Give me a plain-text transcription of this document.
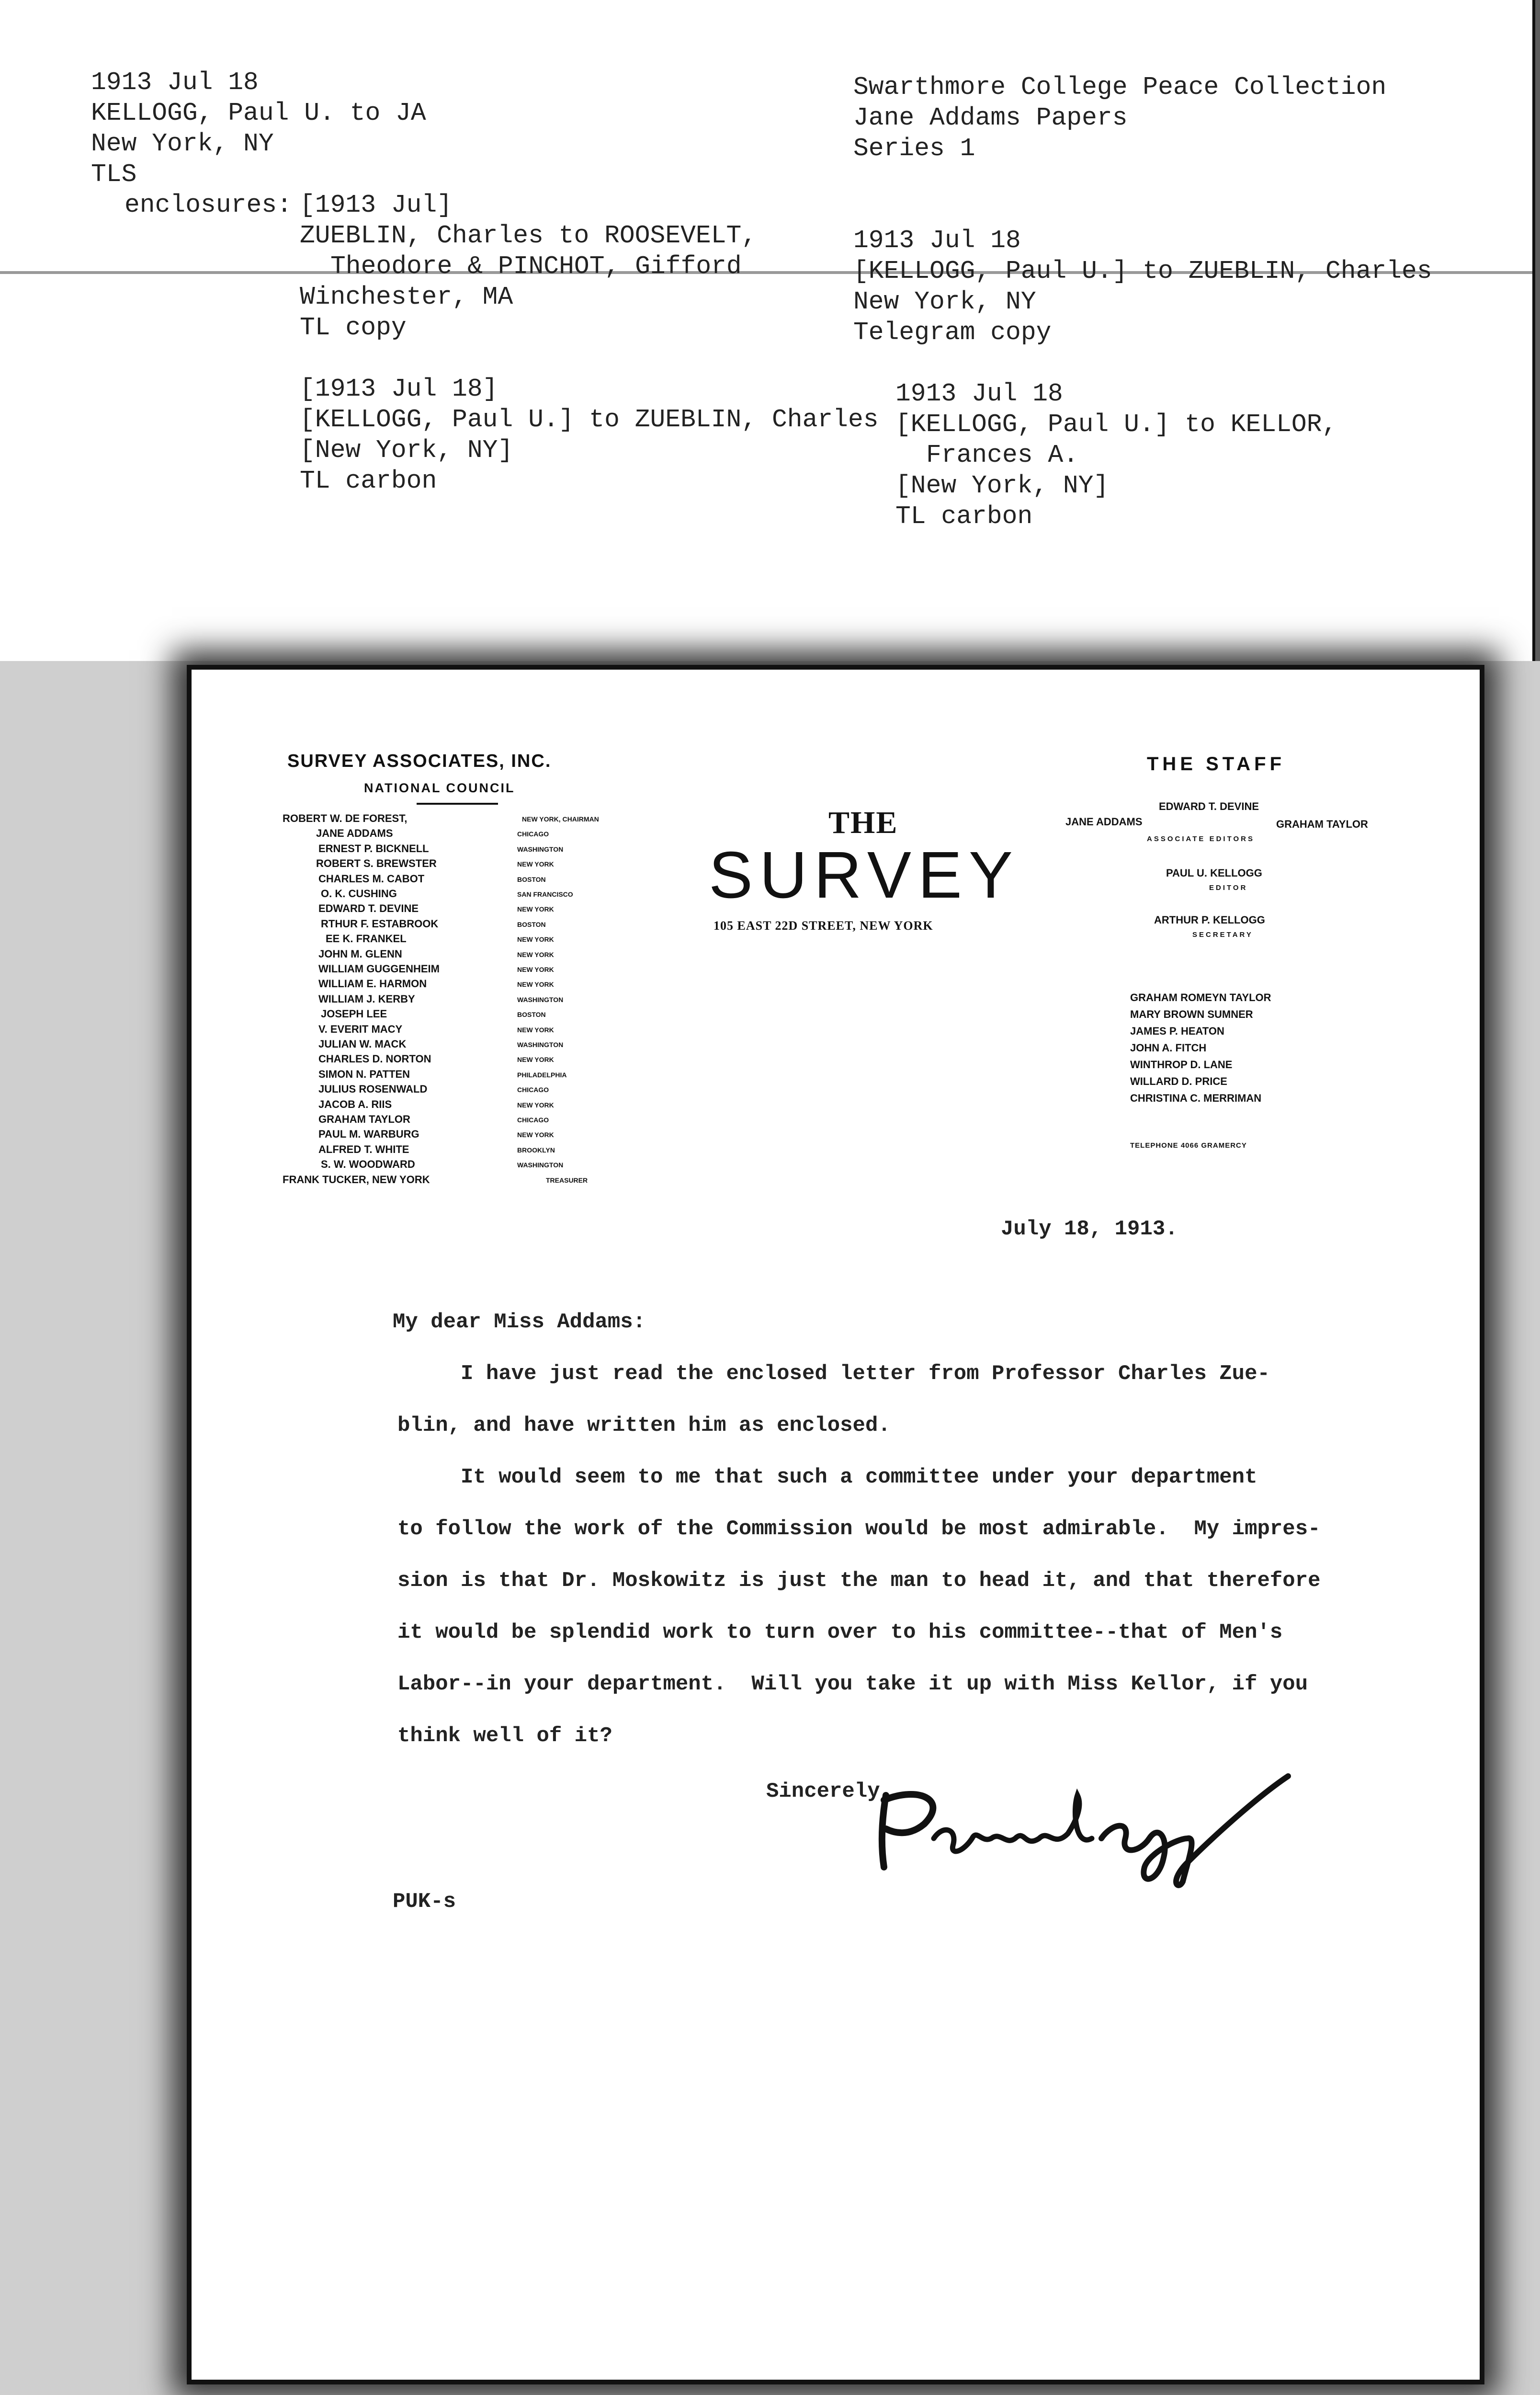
1913 Jul 18
KELLOGG, Paul U. to JA
New York, NY
TLS
enclosures: [1913 Jul]
ZUEBLIN, Charles to ROOSEVELT,
Theodore & PINCHOT, Gifford
Winchester, MA
TL copy
[1913 Jul 18]
[KELLOGG, Paul U.] to ZUEBLIN, Charles
[New York, NY]
TL carbon
Swarthmore College Peace Collection
Jane Addams Papers
Series 1
1913 Jul 18
[KELLOGG, Paul U.] to ZUEBLIN, Charles
New York, NY
Telegram copy
1913 Jul 18
[KELLOGG, Paul U.] to KELLOR,
Frances A.
[New York, NY]
TL carbon
SURVEY ASSOCIATES, INC.
NATIONAL COUNCIL
ROBERT W. DE FOREST,	NEW YORK, CHAIRMAN
JANE ADDAMS	CHICAGO
ERNEST P. BICKNELL	WASHINGTON
ROBERT S. BREWSTER	NEW YORK
CHARLES M. CABOT	BOSTON
O. K. CUSHING	SAN FRANCISCO
EDWARD T. DEVINE	NEW YORK
RTHUR F. ESTABROOK	BOSTON
EE K. FRANKEL	NEW YORK
JOHN M. GLENN	NEW YORK
WILLIAM GUGGENHEIM	NEW YORK
WILLIAM E. HARMON	NEW YORK
WILLIAM J. KERBY	WASHINGTON
JOSEPH LEE	BOSTON
V. EVERIT MACY	NEW YORK
JULIAN W. MACK	WASHINGTON
CHARLES D. NORTON	NEW YORK
SIMON N. PATTEN	PHILADELPHIA
JULIUS ROSENWALD	CHICAGO
JACOB A. RIIS	NEW YORK
GRAHAM TAYLOR	CHICAGO
PAUL M. WARBURG	NEW YORK
ALFRED T. WHITE	BROOKLYN
S. W. WOODWARD	WASHINGTON
FRANK TUCKER, NEW YORK	TREASURER
THE
SURVEY
105 EAST 22D STREET, NEW YORK
THE STAFF
EDWARD T. DEVINE
JANE ADDAMS	GRAHAM TAYLOR
ASSOCIATE EDITORS
PAUL U. KELLOGG
EDITOR
ARTHUR P. KELLOGG
SECRETARY
GRAHAM ROMEYN TAYLOR
MARY BROWN SUMNER
JAMES P. HEATON
JOHN A. FITCH
WINTHROP D. LANE
WILLARD D. PRICE
CHRISTINA C. MERRIMAN
TELEPHONE 4066 GRAMERCY
July 18, 1913.
My dear Miss Addams:
I have just read the enclosed letter from Professor Charles Zue-
blin, and have written him as enclosed.
It would seem to me that such a committee under your department
to follow the work of the Commission would be most admirable.  My impres-
sion is that Dr. Moskowitz is just the man to head it, and that therefore
it would be splendid work to turn over to his committee--that of Men's
Labor--in your department.  Will you take it up with Miss Kellor, if you
think well of it?
Sincerely,
PUK-s
